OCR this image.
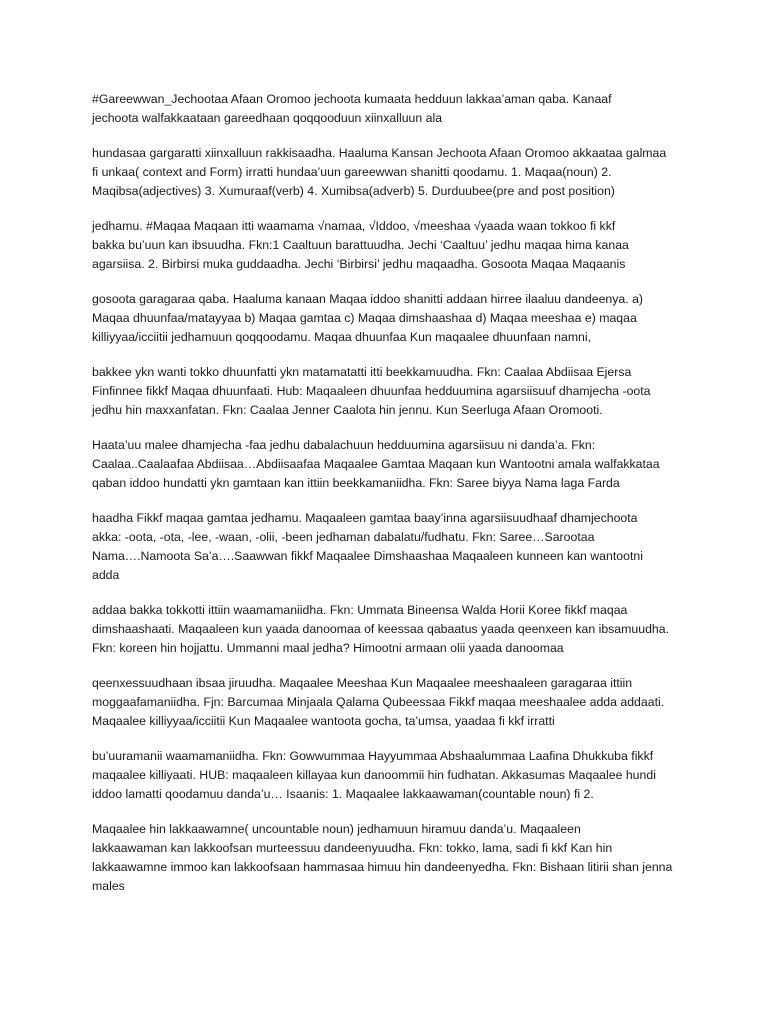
#Gareewwan_Jechootaa Afaan Oromoo jechoota kumaata hedduun lakkaa’aman qaba. Kanaaf
jechoota walfakkaataan gareedhaan qoqqooduun xiinxalluun ala

hundasaa gargaratti xiinxalluun rakkisaadha. Haaluma Kansan Jechoota Afaan Oromoo akkaataa galmaa
fi unkaa( context and Form) irratti hundaa’uun gareewwan shanitti qoodamu. 1. Maqaa(noun) 2.
Maqibsa(adjectives) 3. Xumuraaf(verb) 4. Xumibsa(adverb) 5. Durduubee(pre and post position)

jedhamu. #Maqaa Maqaan itti waamama √namaa, √Iddoo, √meeshaa √yaada waan tokkoo fi kkf
bakka bu’uun kan ibsuudha. Fkn:1 Caaltuun barattuudha. Jechi ‘Caaltuu’ jedhu maqaa hima kanaa
agarsiisa. 2. Birbirsi muka guddaadha. Jechi ‘Birbirsi’ jedhu maqaadha. Gosoota Maqaa Maqaanis

gosoota garagaraa qaba. Haaluma kanaan Maqaa iddoo shanitti addaan hirree ilaaluu dandeenya. a)
Maqaa dhuunfaa/matayyaa b) Maqaa gamtaa c) Maqaa dimshaashaa d) Maqaa meeshaa e) maqaa
killiyyaa/icciitii jedhamuun qoqqoodamu. Maqaa dhuunfaa Kun maqaalee dhuunfaan namni,

bakkee ykn wanti tokko dhuunfatti ykn matamatatti itti beekkamuudha. Fkn: Caalaa Abdiisaa Ejersa
Finfinnee fikkf Maqaa dhuunfaati. Hub: Maqaaleen dhuunfaa hedduumina agarsiisuuf dhamjecha -oota
jedhu hin maxxanfatan. Fkn: Caalaa Jenner Caalota hin jennu. Kun Seerluga Afaan Oromooti.

Haata’uu malee dhamjecha -faa jedhu dabalachuun hedduumina agarsiisuu ni danda’a. Fkn:
Caalaa..Caalaafaa Abdiisaa…Abdiisaafaa Maqaalee Gamtaa Maqaan kun Wantootni amala walfakkataa
qaban iddoo hundatti ykn gamtaan kan ittiin beekkamaniidha. Fkn: Saree biyya Nama laga Farda

haadha Fikkf maqaa gamtaa jedhamu. Maqaaleen gamtaa baay’inna agarsiisuudhaaf dhamjechoota
akka: -oota, -ota, -lee, -waan, -olii, -been jedhaman dabalatu/fudhatu. Fkn: Saree…Sarootaa
Nama….Namoota Sa’a….Saawwan fikkf Maqaalee Dimshaashaa Maqaaleen kunneen kan wantootni
adda

addaa bakka tokkotti ittiin waamamaniidha. Fkn: Ummata Bineensa Walda Horii Koree fikkf maqaa
dimshaashaati. Maqaaleen kun yaada danoomaa of keessaa qabaatus yaada qeenxeen kan ibsamuudha.
Fkn: koreen hin hojjattu. Ummanni maal jedha? Himootni armaan olii yaada danoomaa

qeenxessuudhaan ibsaa jiruudha. Maqaalee Meeshaa Kun Maqaalee meeshaaleen garagaraa ittiin
moggaafamaniidha. Fjn: Barcumaa Minjaala Qalama Qubeessaa Fikkf maqaa meeshaalee adda addaati.
Maqaalee killiyyaa/icciitii Kun Maqaalee wantoota gocha, ta’umsa, yaadaa fi kkf irratti

bu’uuramanii waamamaniidha. Fkn: Gowwummaa Hayyummaa Abshaalummaa Laafina Dhukkuba fikkf
maqaalee killiyaati. HUB: maqaaleen killayaa kun danoommii hin fudhatan. Akkasumas Maqaalee hundi
iddoo lamatti qoodamuu danda’u… Isaanis: 1. Maqaalee lakkaawaman(countable noun) fi 2.

Maqaalee hin lakkaawamne( uncountable noun) jedhamuun hiramuu danda’u. Maqaaleen
lakkaawaman kan lakkoofsan murteessuu dandeenyuudha. Fkn: tokko, lama, sadi fi kkf Kan hin
lakkaawamne immoo kan lakkoofsaan hammasaa himuu hin dandeenyedha. Fkn: Bishaan litirii shan jenna
males
